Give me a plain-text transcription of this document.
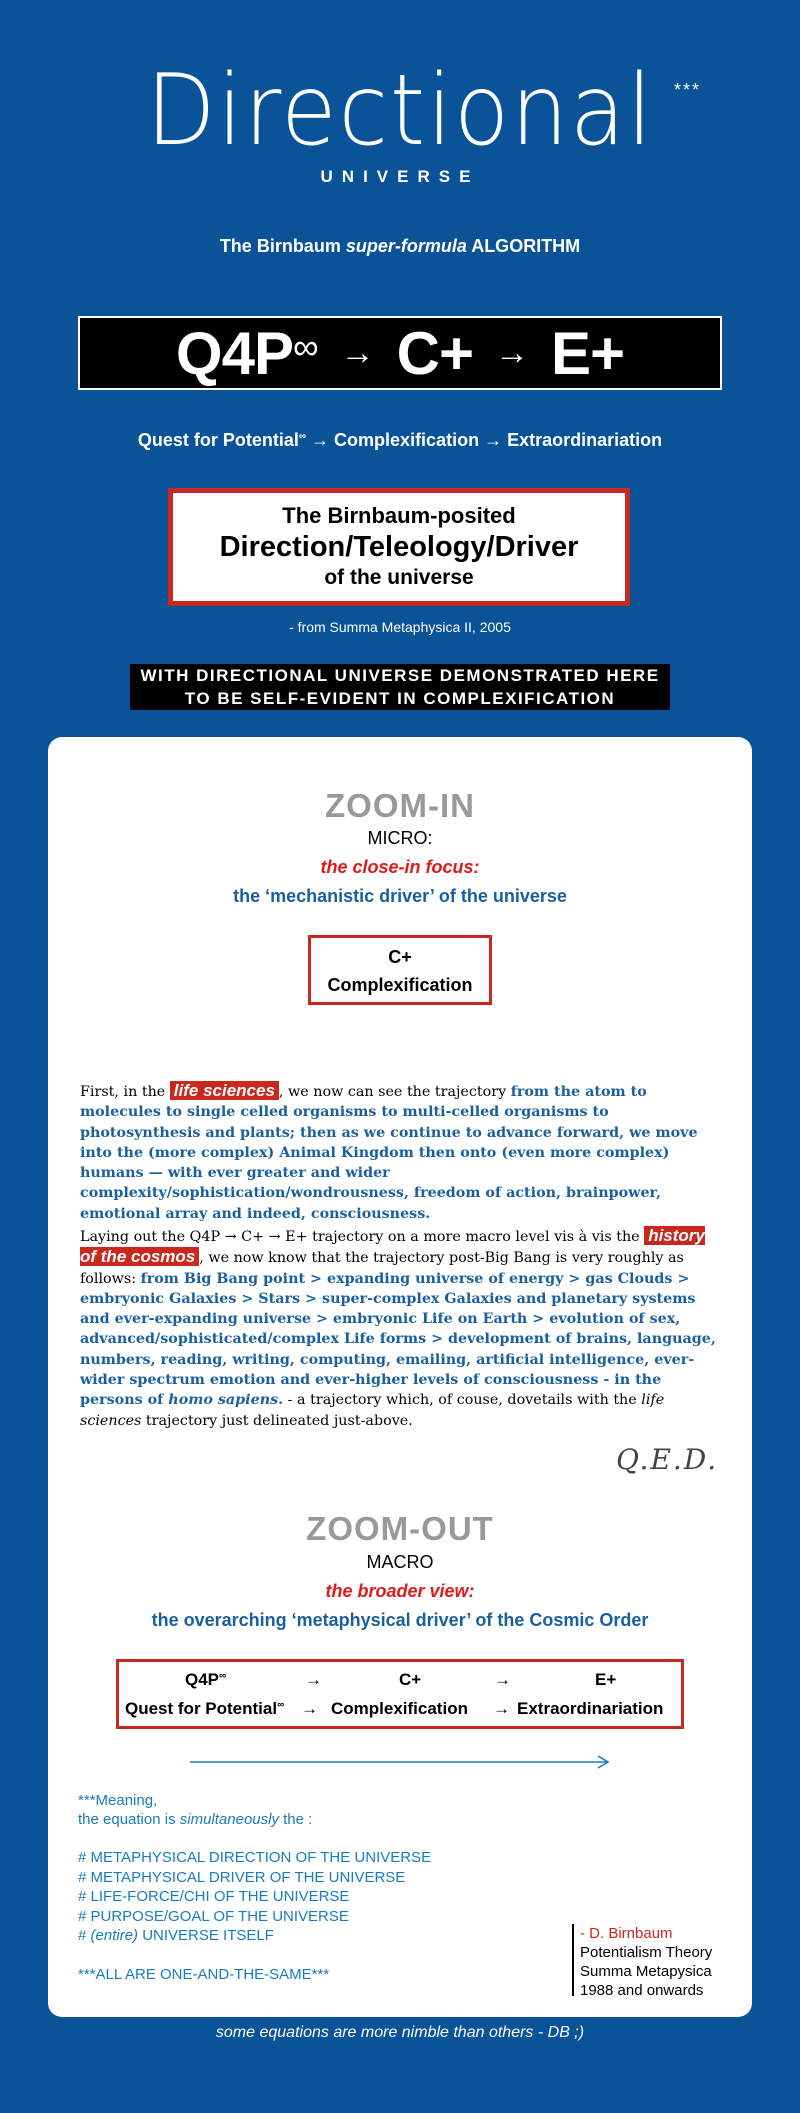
Directional	***
UNIVERSE
The Birnbaum super-formula ALGORITHM
Q4P ∞ → C+ → E+
Quest for Potential∞ → Complexification → Extraordinariation
The Birnbaum-posited
Direction/Teleology/Driver
of the universe
- from Summa Metaphysica II, 2005
WITH DIRECTIONAL UNIVERSE DEMONSTRATED HERE
TO BE SELF-EVIDENT IN COMPLEXIFICATION
ZOOM-IN
MICRO:
the close-in focus:
the ‘mechanistic driver’ of the universe
C+
Complexification
First, in the life sciences , we now can see the trajectory from the atom to molecules to single celled organisms to multi-celled organisms to photosynthesis and plants; then as we continue to advance forward, we move into the (more complex) Animal Kingdom then onto (even more complex) humans — with ever greater and wider complexity/sophistication/wondrousness, freedom of action, brainpower, emotional array and indeed, consciousness.
Laying out the Q4P → C+ → E+ trajectory on a more macro level vis à vis the history of the cosmos , we now know that the trajectory post-Big Bang is very roughly as follows: from Big Bang point > expanding universe of energy > gas Clouds > embryonic Galaxies > Stars > super-complex Galaxies and planetary systems and ever-expanding universe > embryonic Life on Earth > evolution of sex, advanced/sophisticated/complex Life forms > development of brains, language, numbers, reading, writing, computing, emailing, artificial intelligence, ever-wider spectrum emotion and ever-higher levels of consciousness - in the persons of homo sapiens. - a trajectory which, of couse, dovetails with the life sciences trajectory just delineated just-above.
Q.E.D.
ZOOM-OUT
MACRO
the broader view:
the overarching ‘metaphysical driver’ of the Cosmic Order
Q4P∞	→	C+	→	E+
Quest for Potential∞ → Complexification → Extraordinariation
***Meaning,
the equation is simultaneously the :
# METAPHYSICAL DIRECTION OF THE UNIVERSE
# METAPHYSICAL DRIVER OF THE UNIVERSE
# LIFE-FORCE/CHI OF THE UNIVERSE
# PURPOSE/GOAL OF THE UNIVERSE
# (entire) UNIVERSE ITSELF
***ALL ARE ONE-AND-THE-SAME***
- D. Birnbaum
Potentialism Theory
Summa Metapysica
1988 and onwards
some equations are more nimble than others - DB ;)
